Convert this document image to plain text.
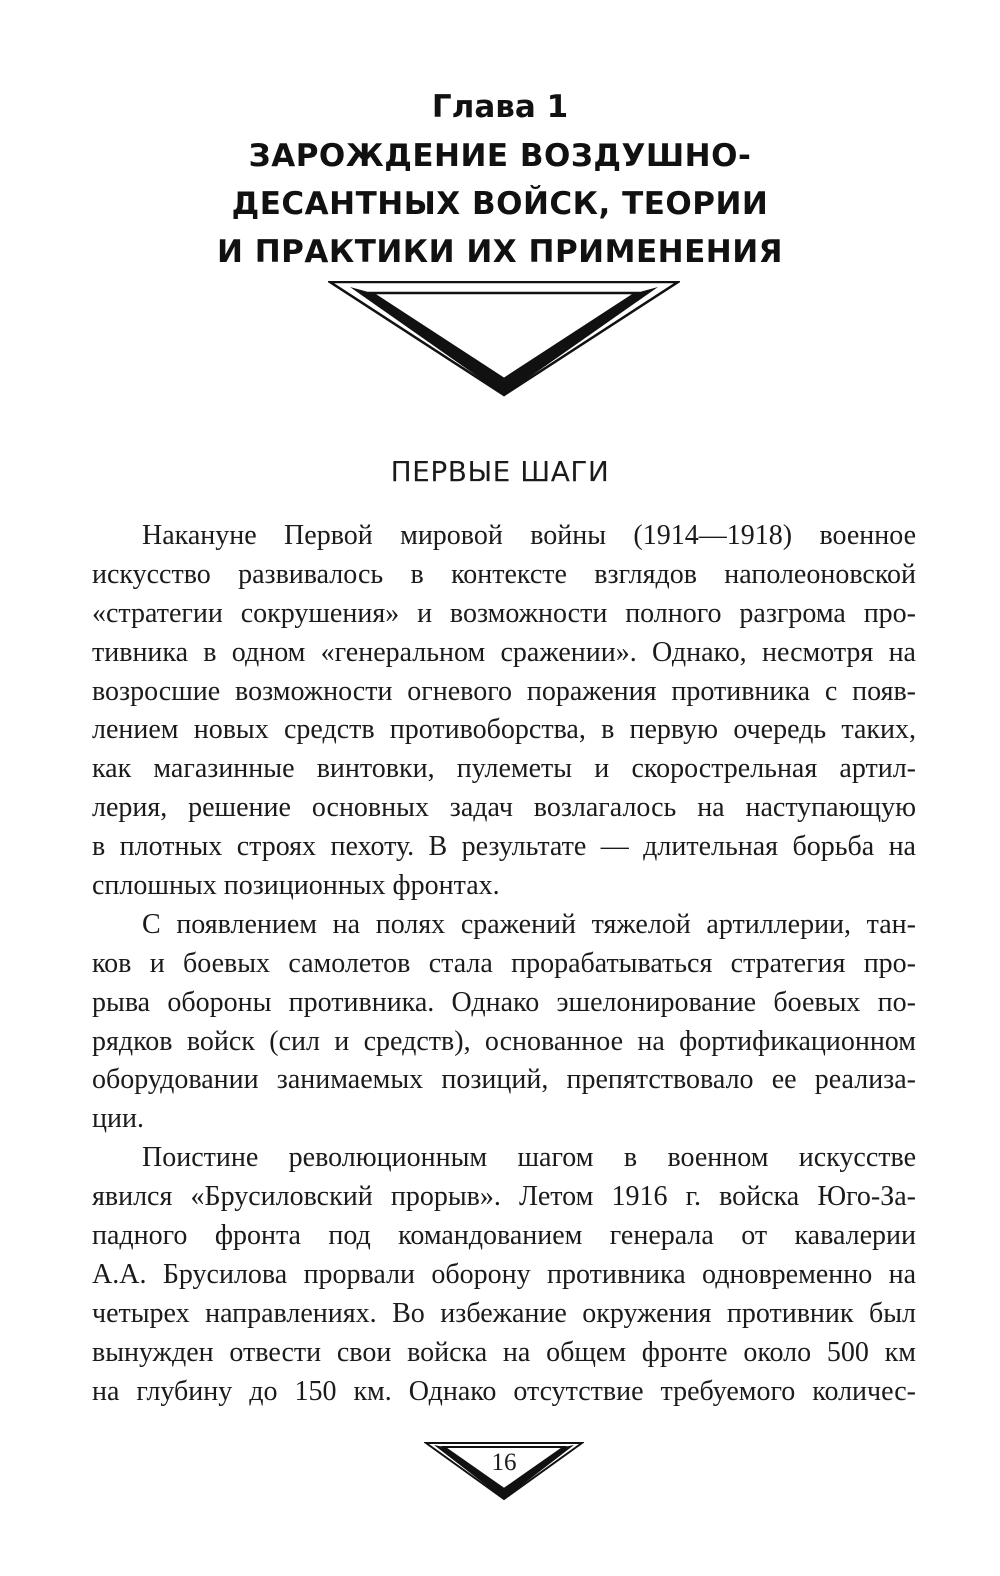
Глава 1
ЗАРОЖДЕНИЕ ВОЗДУШНО-
ДЕСАНТНЫХ ВОЙСК, ТЕОРИИ
И ПРАКТИКИ ИХ ПРИМЕНЕНИЯ
ПЕРВЫЕ ШАГИ
Накануне Первой мировой войны (1914—1918) военное
искусство развивалось в контексте взглядов наполеоновской
«стратегии сокрушения» и возможности полного разгрома про-
тивника в одном «генеральном сражении». Однако, несмотря на
возросшие возможности огневого поражения противника с появ-
лением новых средств противоборства, в первую очередь таких,
как магазинные винтовки, пулеметы и скорострельная артил-
лерия, решение основных задач возлагалось на наступающую
в плотных строях пехоту. В результате — длительная борьба на
сплошных позиционных фронтах.
С появлением на полях сражений тяжелой артиллерии, тан-
ков и боевых самолетов стала прорабатываться стратегия про-
рыва обороны противника. Однако эшелонирование боевых по-
рядков войск (сил и средств), основанное на фортификационном
оборудовании занимаемых позиций, препятствовало ее реализа-
ции.
Поистине революционным шагом в военном искусстве
явился «Брусиловский прорыв». Летом 1916 г. войска Юго-За-
падного фронта под командованием генерала от кавалерии
А.А. Брусилова прорвали оборону противника одновременно на
четырех направлениях. Во избежание окружения противник был
вынужден отвести свои войска на общем фронте около 500 км
на глубину до 150 км. Однако отсутствие требуемого количес-
16
